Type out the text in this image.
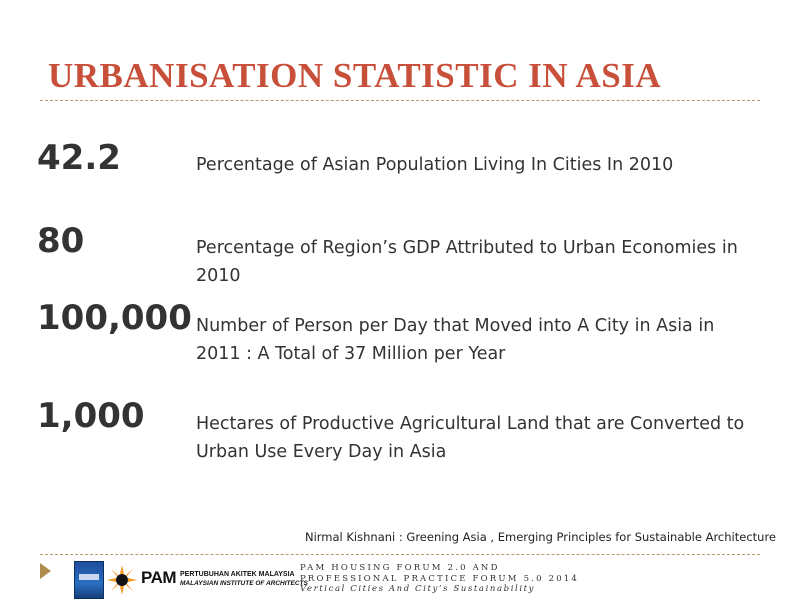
URBANISATION STATISTIC IN ASIA
42.2	Percentage of Asian Population Living In Cities In 2010
80	Percentage of Region’s GDP Attributed to Urban Economies in 2010
100,000 Number of Person per Day that Moved into A City in Asia in 2011 : A Total of 37 Million per Year
1,000	Hectares of Productive Agricultural Land that are Converted to Urban Use Every Day in Asia
Nirmal Kishnani : Greening Asia , Emerging Principles for Sustainable Architecture
PAM PERTUBUHAN AKITEK MALAYSIA
MALAYSIAN INSTITUTE OF ARCHITECTS
PAM HOUSING FORUM 2.0 AND
PROFESSIONAL PRACTICE FORUM 5.0 2014
Vertical Cities And City’s Sustainability
